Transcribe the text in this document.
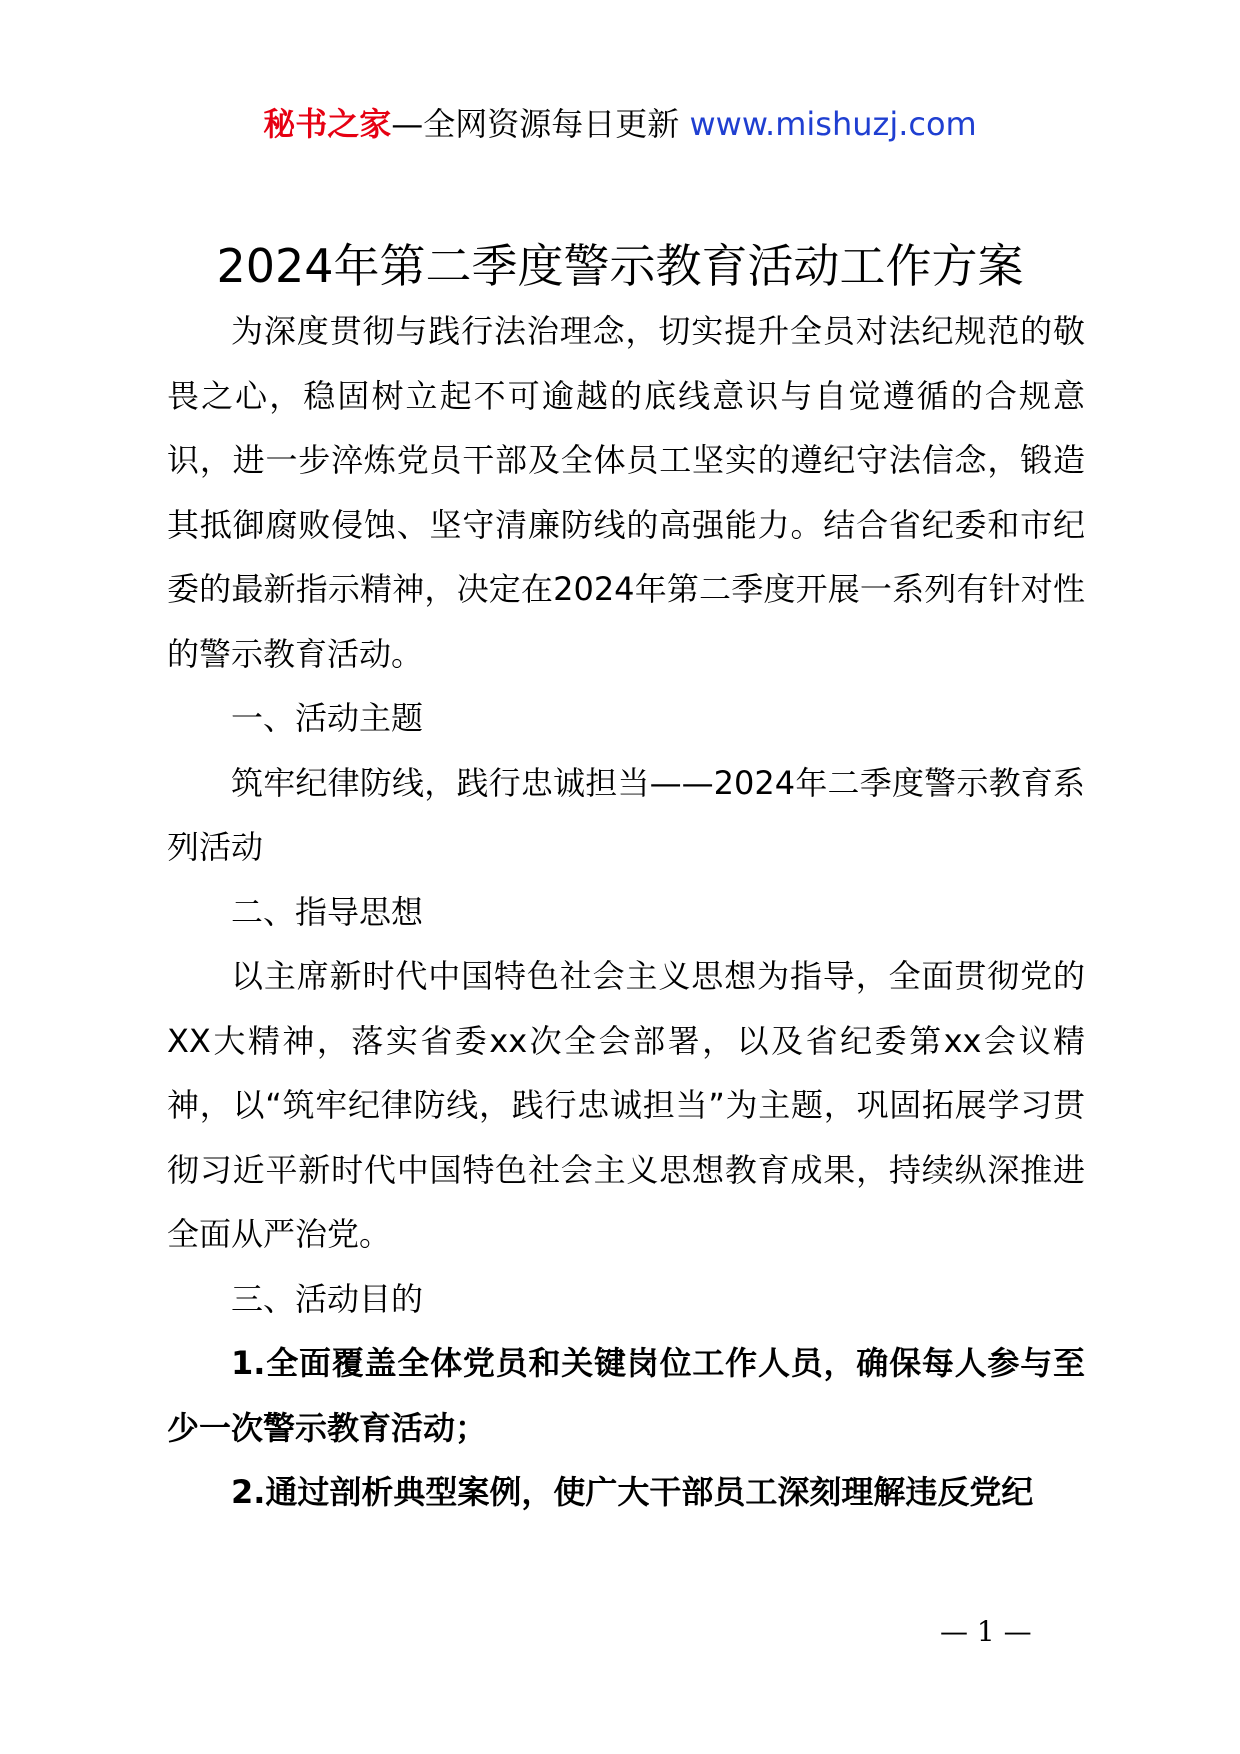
秘书之家—全网资源每日更新 www.mishuzj.com
2024年第二季度警示教育活动工作方案

为深度贯彻与践行法治理念，切实提升全员对法纪规范的敬畏之心，稳固树立起不可逾越的底线意识与自觉遵循的合规意识，进一步淬炼党员干部及全体员工坚实的遵纪守法信念，锻造其抵御腐败侵蚀、坚守清廉防线的高强能力。结合省纪委和市纪委的最新指示精神，决定在2024年第二季度开展一系列有针对性的警示教育活动。

一、活动主题

筑牢纪律防线，践行忠诚担当——2024年二季度警示教育系列活动

二、指导思想

以主席新时代中国特色社会主义思想为指导，全面贯彻党的XX大精神，落实省委xx次全会部署，以及省纪委第xx会议精神，以“筑牢纪律防线，践行忠诚担当”为主题，巩固拓展学习贯彻习近平新时代中国特色社会主义思想教育成果，持续纵深推进全面从严治党。

三、活动目的

1.全面覆盖全体党员和关键岗位工作人员，确保每人参与至少一次警示教育活动；

2.通过剖析典型案例，使广大干部员工深刻理解违反党纪

— 1 —
